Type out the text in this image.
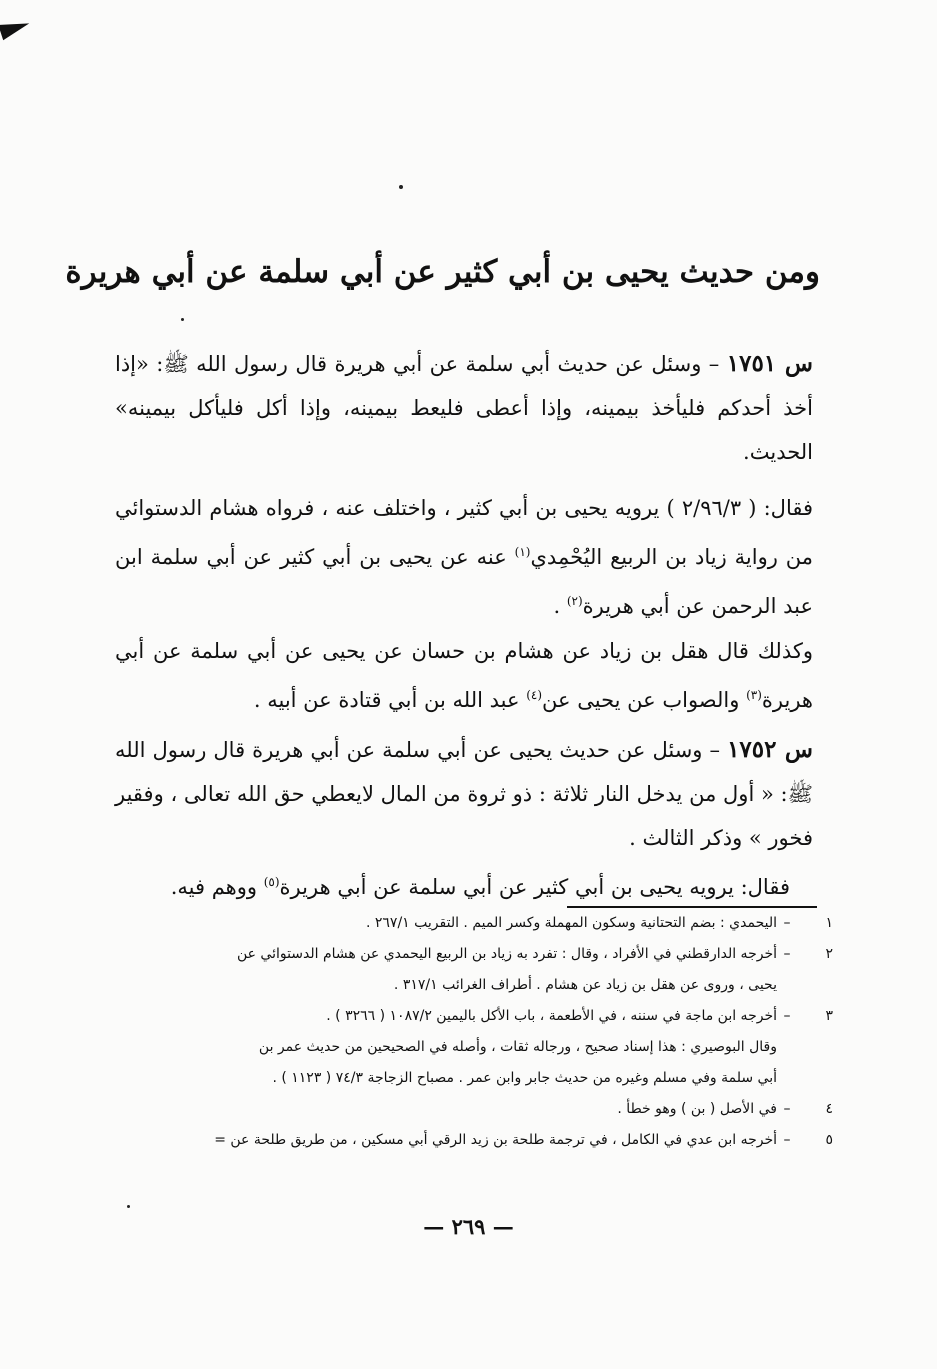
ومن حديث يحيى بن أبي كثير عن أبي سلمة عن أبي هريرة
س ١٧٥١ – وسئل عن حديث أبي سلمة عن أبي هريرة قال رسول الله ﷺ: «إذا أخذ أحدكم فليأخذ بيمينه، وإذا أعطى فليعط بيمينه، وإذا أكل فليأكل بيمينه» الحديث.
فقال: ( ٢/٩٦/٣ ) يرويه يحيى بن أبي كثير ، واختلف عنه ، فرواه هشام الدستوائي من رواية زياد بن الربيع اليُحْمِدي$^{(١)}$ عنه عن يحيى بن أبي كثير عن أبي سلمة ابن عبد الرحمن عن أبي هريرة$^{(٢)}$ .
وكذلك قال هقل بن زياد عن هشام بن حسان عن يحيى عن أبي سلمة عن أبي هريرة$^{(٣)}$ والصواب عن يحيى عن$^{(٤)}$ عبد الله بن أبي قتادة عن أبيه .
س ١٧٥٢ – وسئل عن حديث يحيى عن أبي سلمة عن أبي هريرة قال رسول الله ﷺ: « أول من يدخل النار ثلاثة : ذو ثروة من المال لايعطي حق الله تعالى ، وفقير فخور » وذكر الثالث .
فقال: يرويه يحيى بن أبي كثير عن أبي سلمة عن أبي هريرة$^{(٥)}$ ووهم فيه.
١
–
اليحمدي : بضم التحتانية وسكون المهملة وكسر الميم . التقريب ٢٦٧/١ .
٢
–
أخرجه الدارقطني في الأفراد ، وقال : تفرد به زياد بن الربيع اليحمدي عن هشام الدستوائي عن
يحيى ، وروى عن هقل بن زياد عن هشام . أطراف الغرائب ٣١٧/١ .
٣
–
أخرجه ابن ماجة في سننه ، في الأطعمة ، باب الأكل باليمين ١٠٨٧/٢ ( ٣٢٦٦ ) .
وقال البوصيري : هذا إسناد صحيح ، ورجاله ثقات ، وأصله في الصحيحين من حديث عمر بن
أبي سلمة وفي مسلم وغيره من حديث جابر وابن عمر . مصباح الزجاجة ٧٤/٣ ( ١١٢٣ ) .
٤
–
في الأصل ( بن ) وهو خطأ .
٥
–
أخرجه ابن عدي في الكامل ، في ترجمة طلحة بن زيد الرقي أبي مسكين ، من طريق طلحة عن =
— ٢٦٩ —
